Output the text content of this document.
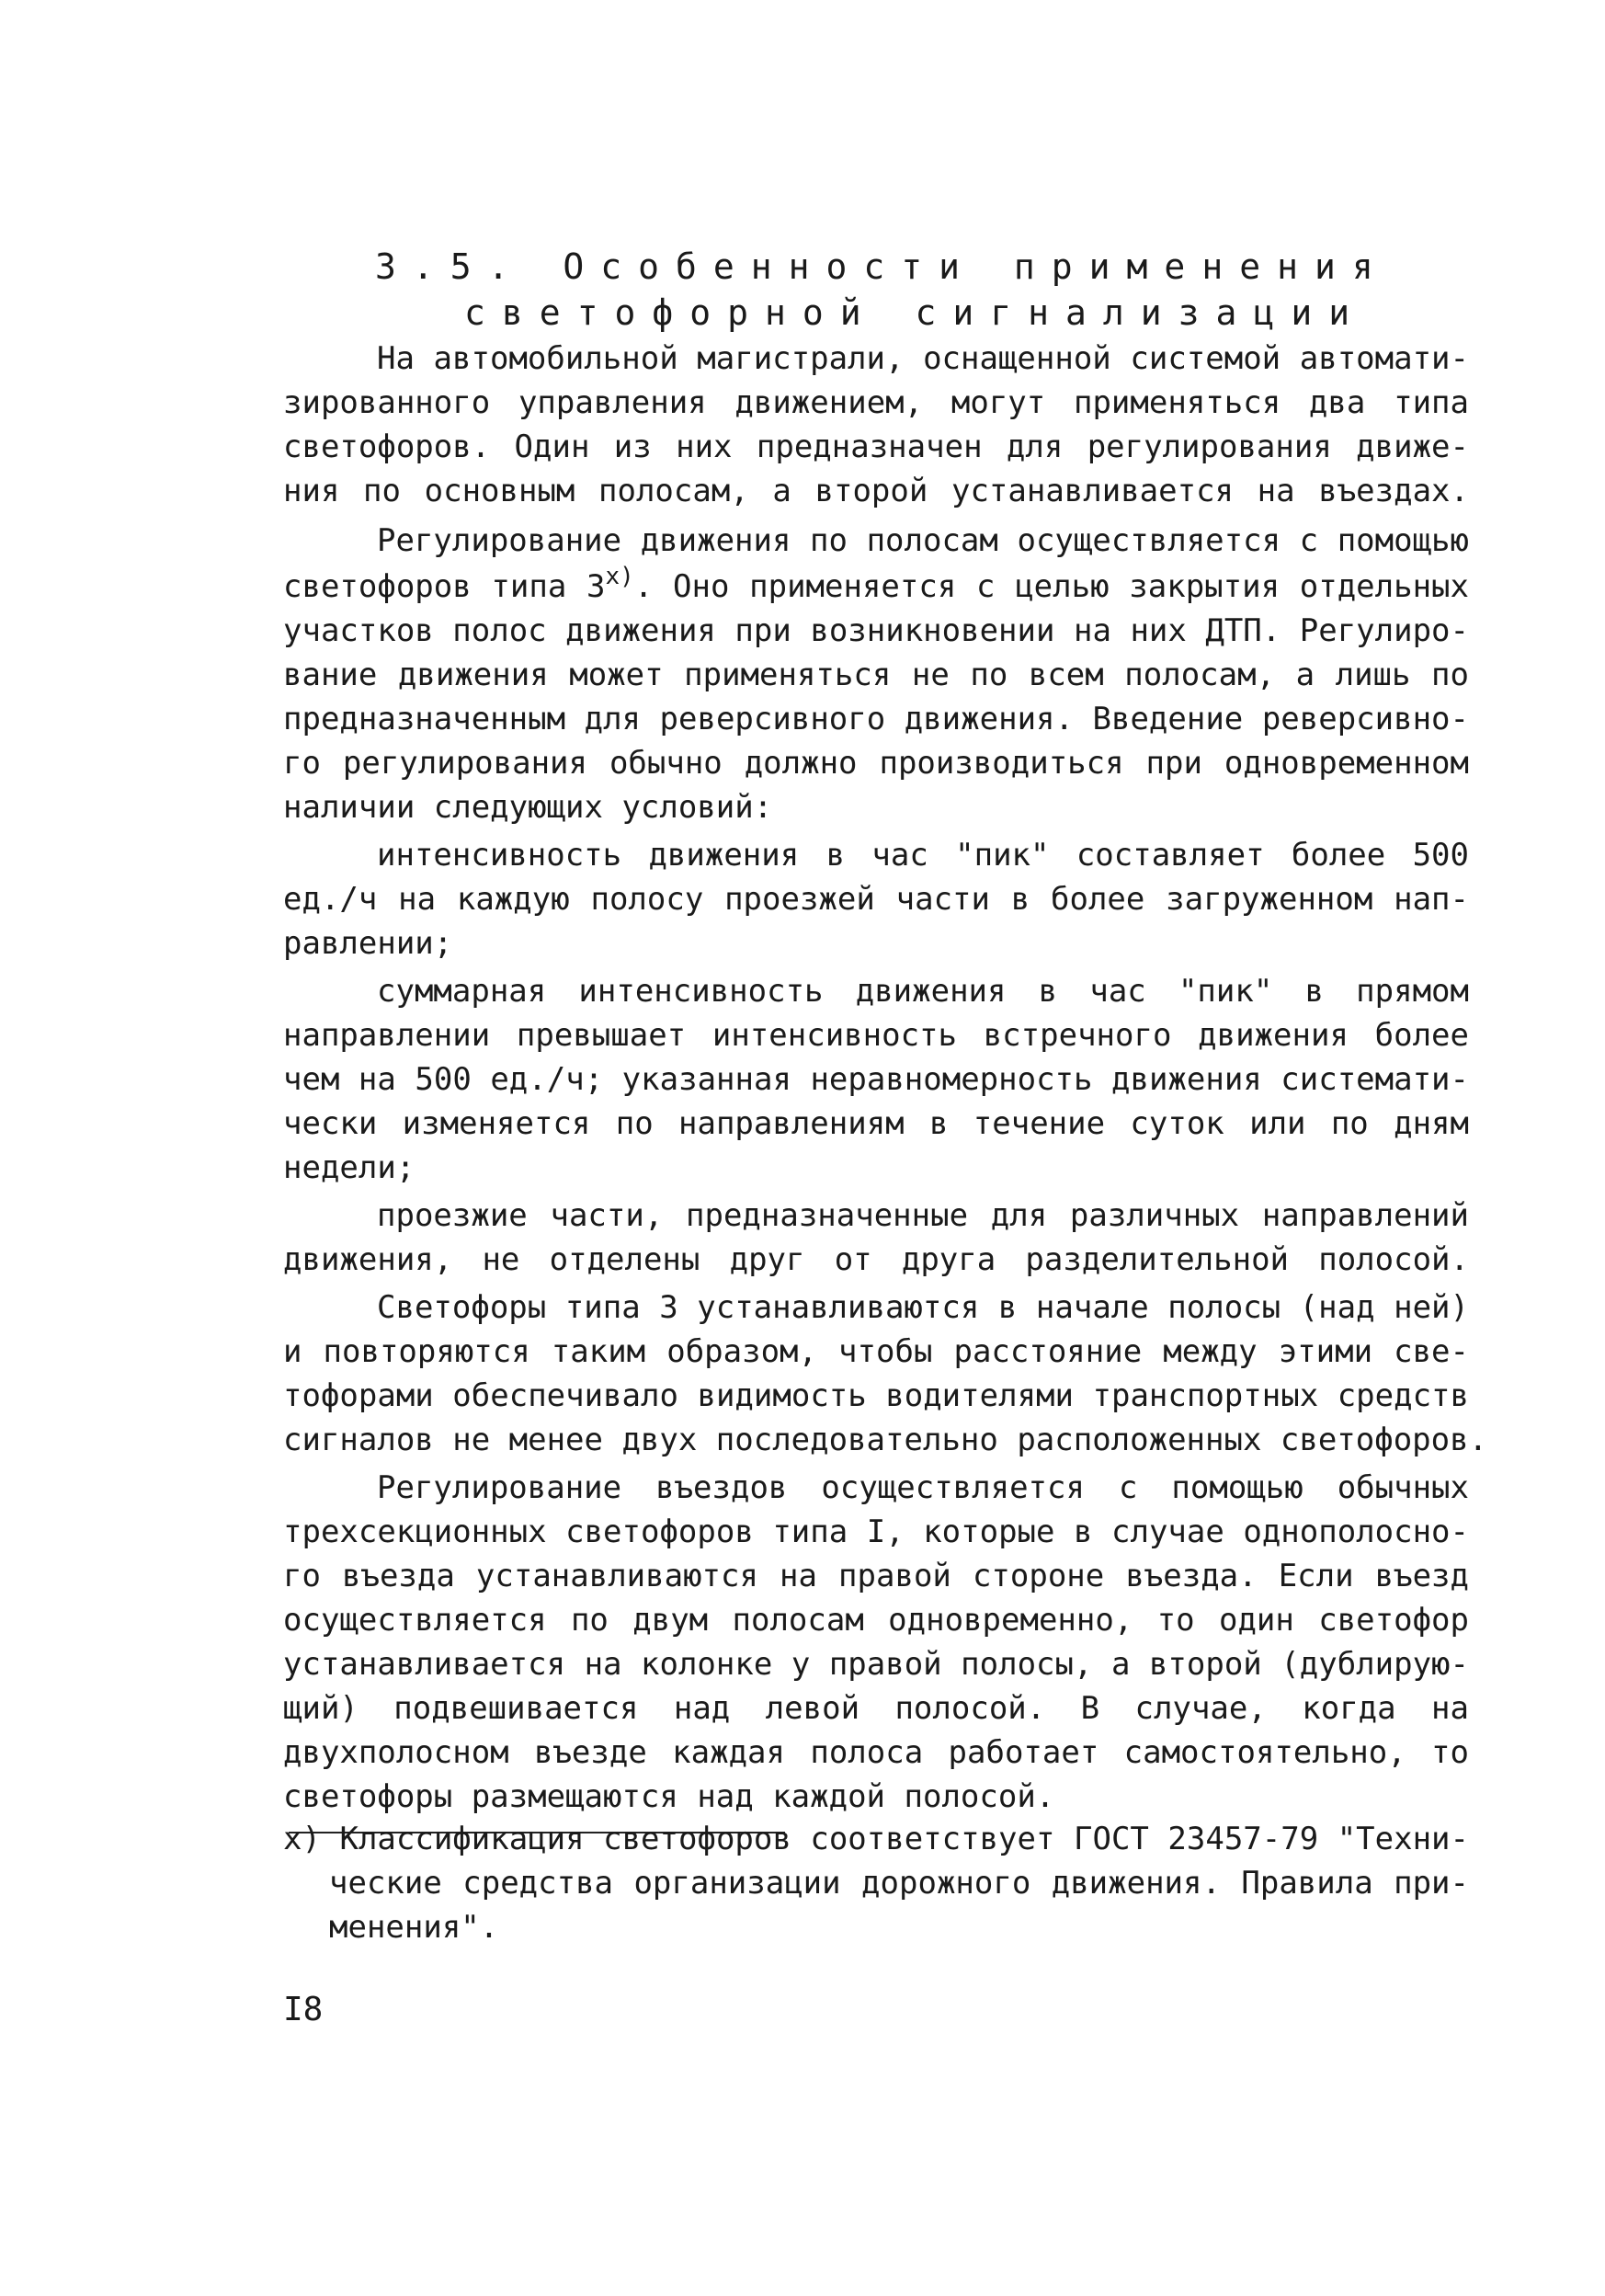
3.5. Особенности применения
светофорной сигнализации
На автомобильной магистрали, оснащенной системой автомати-
зированного управления движением, могут применяться два типа
светофоров. Один из них предназначен для регулирования движе-
ния по основным полосам, а второй устанавливается на въездах.
Регулирование движения по полосам осуществляется с помощью
светофоров типа 3$^{x)}$. Оно применяется с целью закрытия отдельных
участков полос движения при возникновении на них ДТП. Регулиро-
вание движения может применяться не по всем полосам, а лишь по
предназначенным для реверсивного движения. Введение реверсивно-
го регулирования обычно должно производиться при одновременном
наличии следующих условий:
интенсивность движения в час "пик" составляет более 500
ед./ч на каждую полосу проезжей части в более загруженном нап-
равлении;
суммарная интенсивность движения в час "пик" в прямом
направлении превышает интенсивность встречного движения более
чем на 500 ед./ч; указанная неравномерность движения системати-
чески изменяется по направлениям в течение суток или по дням
недели;
проезжие части, предназначенные для различных направлений
движения, не отделены друг от друга разделительной полосой.
Светофоры типа 3 устанавливаются в начале полосы (над ней)
и повторяются таким образом, чтобы расстояние между этими све-
тофорами обеспечивало видимость водителями транспортных средств
сигналов не менее двух последовательно расположенных светофоров.
Регулирование въездов осуществляется с помощью обычных
трехсекционных светофоров типа I, которые в случае однополосно-
го въезда устанавливаются на правой стороне въезда. Если въезд
осуществляется по двум полосам одновременно, то один светофор
устанавливается на колонке у правой полосы, а второй (дублирую-
щий) подвешивается над левой полосой. В случае, когда на
двухполосном въезде каждая полоса работает самостоятельно, то
светофоры размещаются над каждой полосой.
x) Классификация светофоров соответствует ГОСТ 23457-79 "Техни-
ческие средства организации дорожного движения. Правила при-
менения".
I8
